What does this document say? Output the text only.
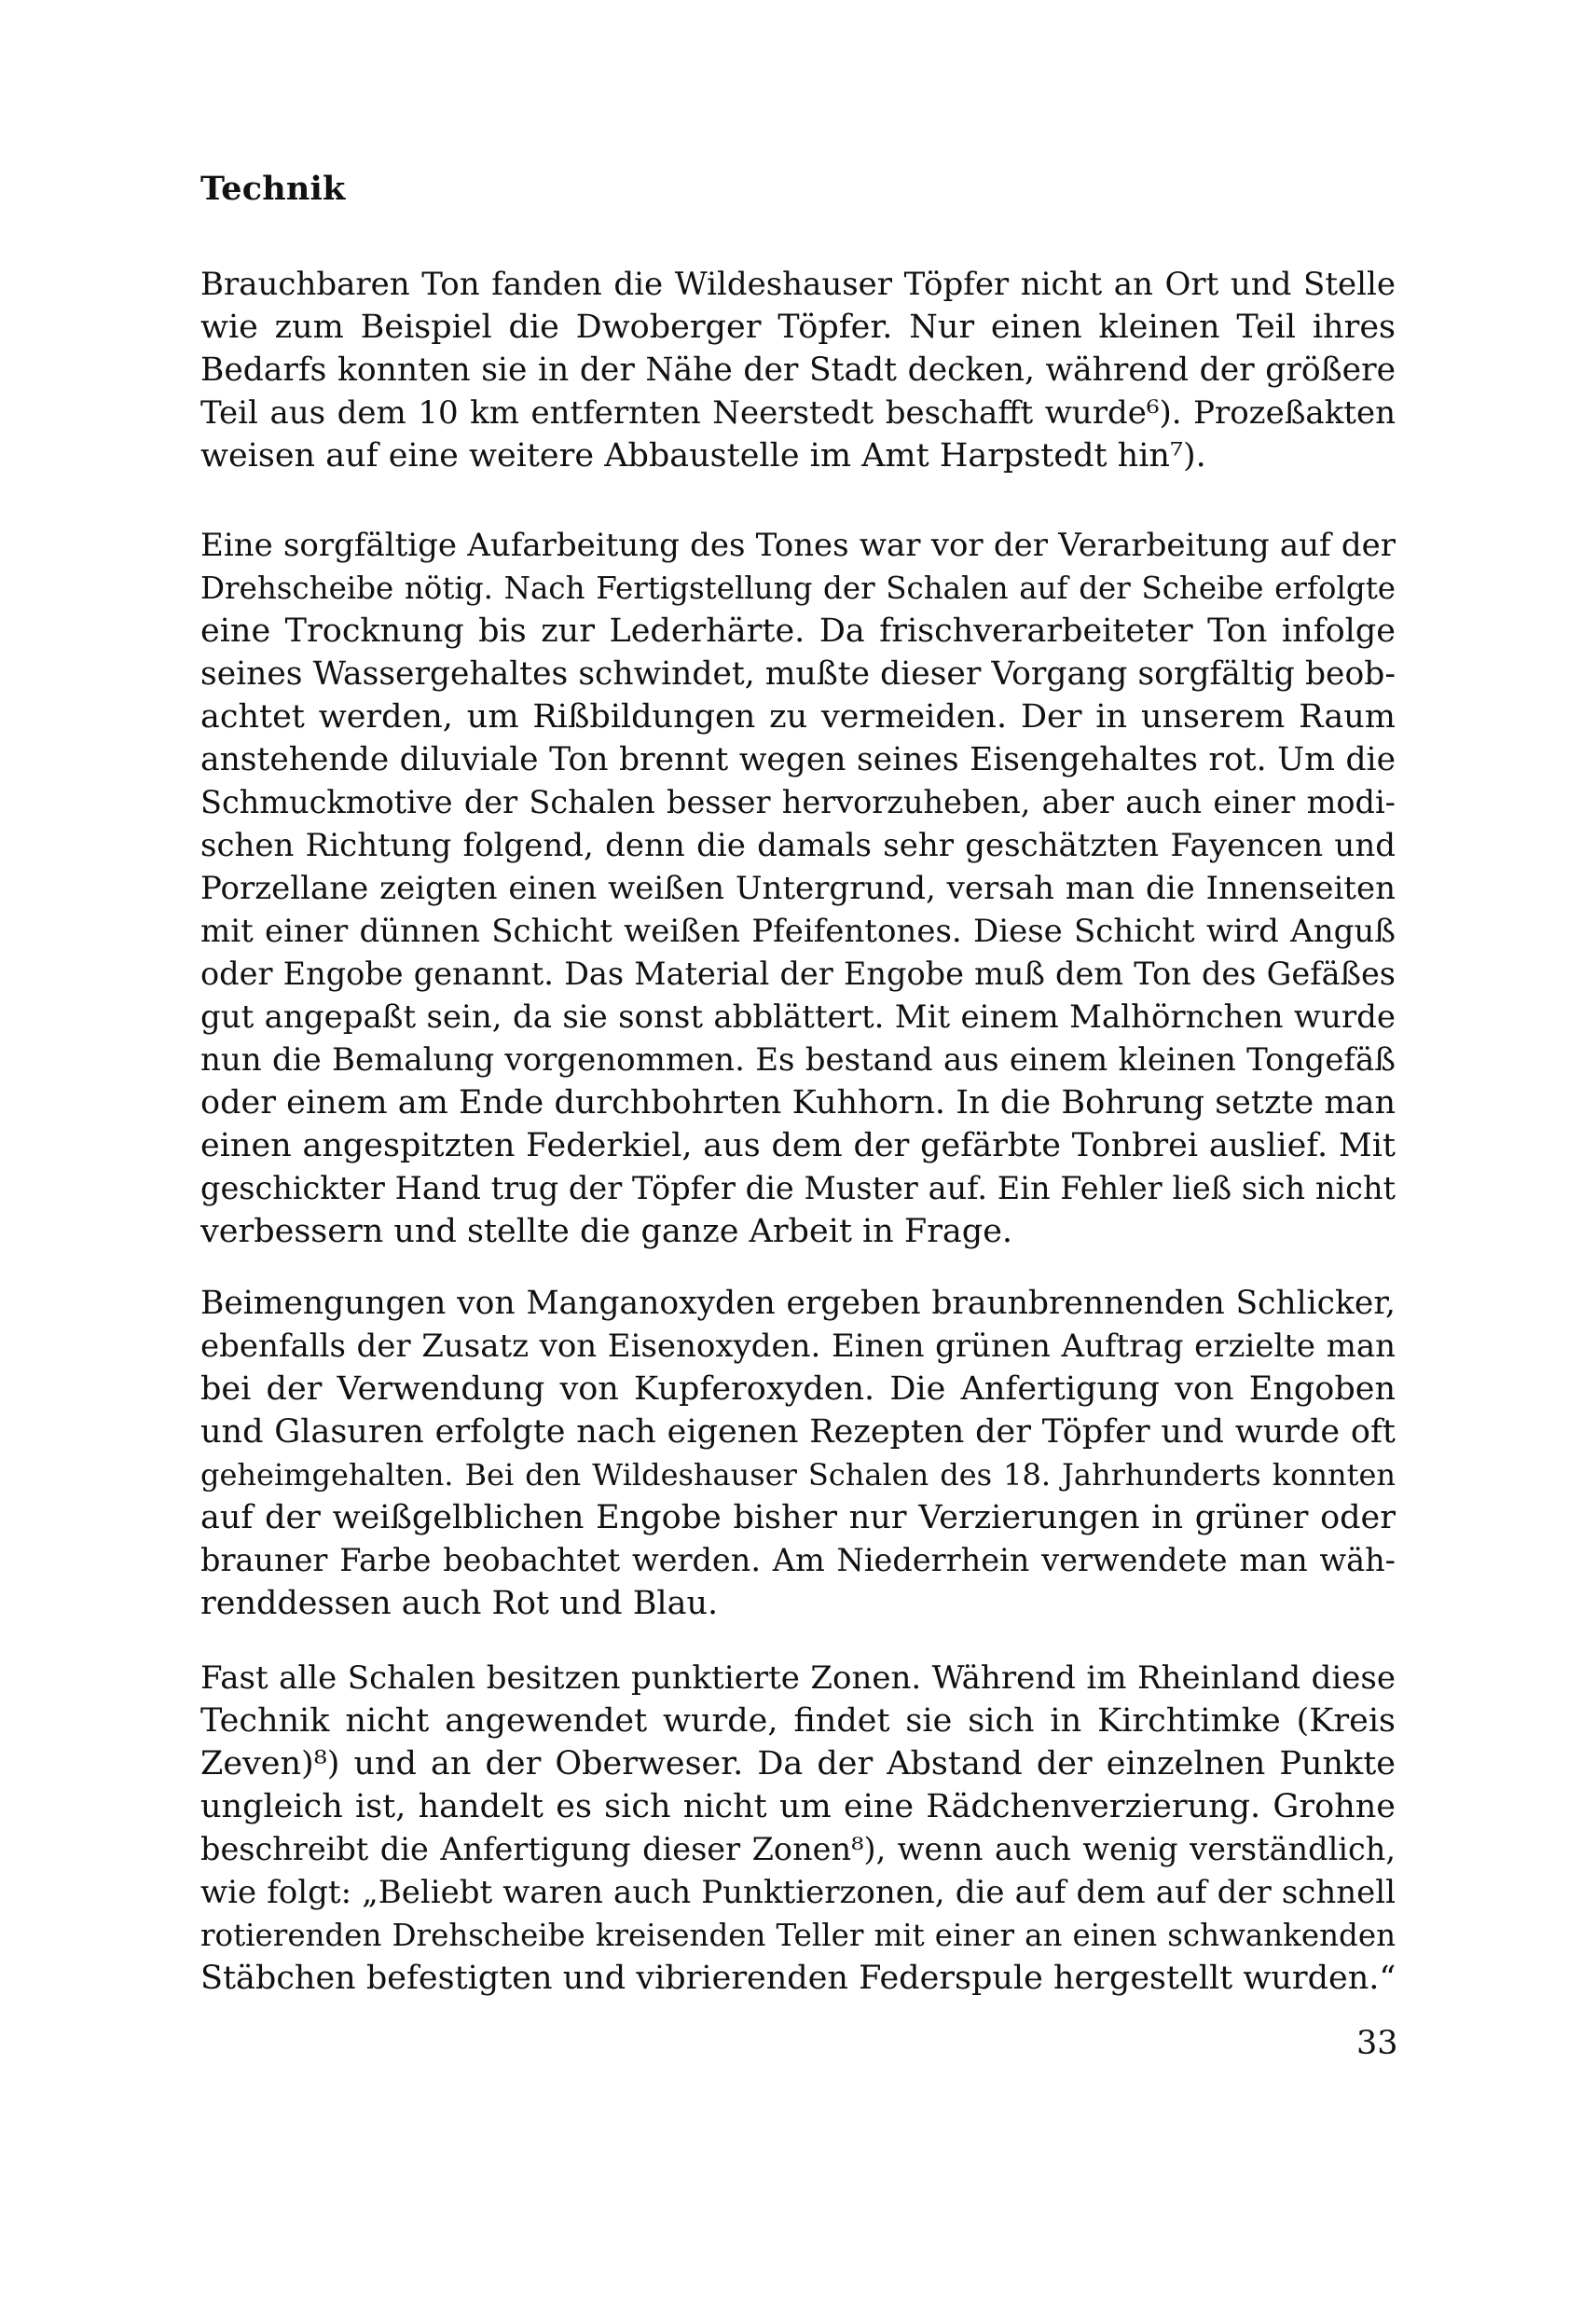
Technik
Brauchbaren Ton fanden die Wildeshauser Töpfer nicht an Ort und Stelle
wie zum Beispiel die Dwoberger Töpfer. Nur einen kleinen Teil ihres
Bedarfs konnten sie in der Nähe der Stadt decken, während der größere
Teil aus dem 10 km entfernten Neerstedt beschafft wurde⁶). Prozeßakten
weisen auf eine weitere Abbaustelle im Amt Harpstedt hin⁷).
Eine sorgfältige Aufarbeitung des Tones war vor der Verarbeitung auf der
Drehscheibe nötig. Nach Fertigstellung der Schalen auf der Scheibe erfolgte
eine Trocknung bis zur Lederhärte. Da frischverarbeiteter Ton infolge
seines Wassergehaltes schwindet, mußte dieser Vorgang sorgfältig beob-
achtet werden, um Rißbildungen zu vermeiden. Der in unserem Raum
anstehende diluviale Ton brennt wegen seines Eisengehaltes rot. Um die
Schmuckmotive der Schalen besser hervorzuheben, aber auch einer modi-
schen Richtung folgend, denn die damals sehr geschätzten Fayencen und
Porzellane zeigten einen weißen Untergrund, versah man die Innenseiten
mit einer dünnen Schicht weißen Pfeifentones. Diese Schicht wird Anguß
oder Engobe genannt. Das Material der Engobe muß dem Ton des Gefäßes
gut angepaßt sein, da sie sonst abblättert. Mit einem Malhörnchen wurde
nun die Bemalung vorgenommen. Es bestand aus einem kleinen Tongefäß
oder einem am Ende durchbohrten Kuhhorn. In die Bohrung setzte man
einen angespitzten Federkiel, aus dem der gefärbte Tonbrei auslief. Mit
geschickter Hand trug der Töpfer die Muster auf. Ein Fehler ließ sich nicht
verbessern und stellte die ganze Arbeit in Frage.
Beimengungen von Manganoxyden ergeben braunbrennenden Schlicker,
ebenfalls der Zusatz von Eisenoxyden. Einen grünen Auftrag erzielte man
bei der Verwendung von Kupferoxyden. Die Anfertigung von Engoben
und Glasuren erfolgte nach eigenen Rezepten der Töpfer und wurde oft
geheimgehalten. Bei den Wildeshauser Schalen des 18. Jahrhunderts konnten
auf der weißgelblichen Engobe bisher nur Verzierungen in grüner oder
brauner Farbe beobachtet werden. Am Niederrhein verwendete man wäh-
renddessen auch Rot und Blau.
Fast alle Schalen besitzen punktierte Zonen. Während im Rheinland diese
Technik nicht angewendet wurde, findet sie sich in Kirchtimke (Kreis
Zeven)⁸) und an der Oberweser. Da der Abstand der einzelnen Punkte
ungleich ist, handelt es sich nicht um eine Rädchenverzierung. Grohne
beschreibt die Anfertigung dieser Zonen⁸), wenn auch wenig verständlich,
wie folgt: „Beliebt waren auch Punktierzonen, die auf dem auf der schnell
rotierenden Drehscheibe kreisenden Teller mit einer an einen schwankenden
Stäbchen befestigten und vibrierenden Federspule hergestellt wurden.“
33
